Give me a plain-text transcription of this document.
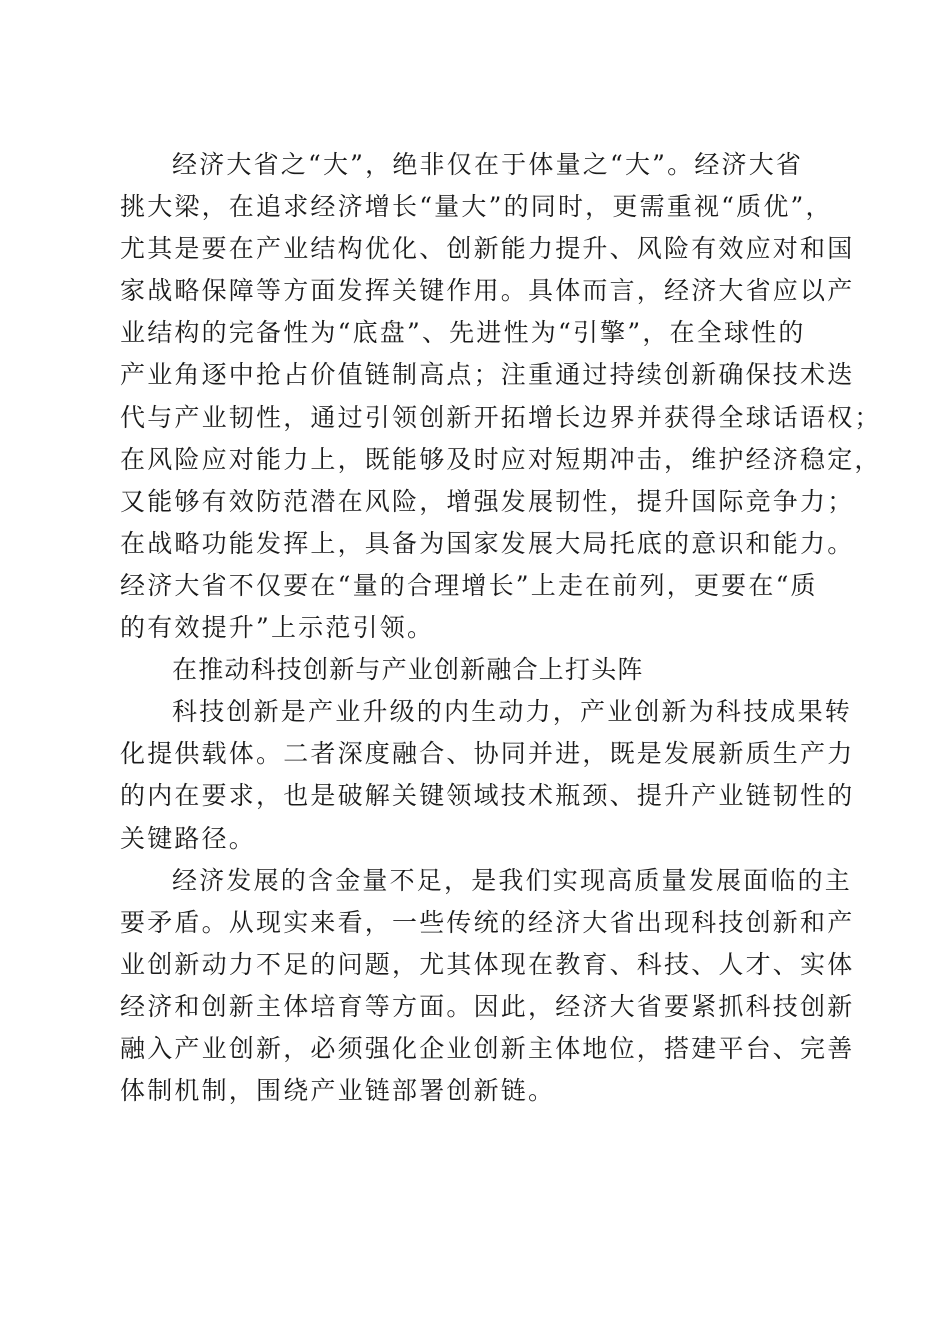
经济大省之“大”，绝非仅在于体量之“大”。经济大省
挑大梁，在追求经济增长“量大”的同时，更需重视“质优”，
尤其是要在产业结构优化、创新能力提升、风险有效应对和国
家战略保障等方面发挥关键作用。具体而言，经济大省应以产
业结构的完备性为“底盘”、先进性为“引擎”，在全球性的
产业角逐中抢占价值链制高点；注重通过持续创新确保技术迭
代与产业韧性，通过引领创新开拓增长边界并获得全球话语权；
在风险应对能力上，既能够及时应对短期冲击，维护经济稳定，
又能够有效防范潜在风险，增强发展韧性，提升国际竞争力；
在战略功能发挥上，具备为国家发展大局托底的意识和能力。
经济大省不仅要在“量的合理增长”上走在前列，更要在“质
的有效提升”上示范引领。
在推动科技创新与产业创新融合上打头阵
科技创新是产业升级的内生动力，产业创新为科技成果转
化提供载体。二者深度融合、协同并进，既是发展新质生产力
的内在要求，也是破解关键领域技术瓶颈、提升产业链韧性的
关键路径。
经济发展的含金量不足，是我们实现高质量发展面临的主
要矛盾。从现实来看，一些传统的经济大省出现科技创新和产
业创新动力不足的问题，尤其体现在教育、科技、人才、实体
经济和创新主体培育等方面。因此，经济大省要紧抓科技创新
融入产业创新，必须强化企业创新主体地位，搭建平台、完善
体制机制，围绕产业链部署创新链。
